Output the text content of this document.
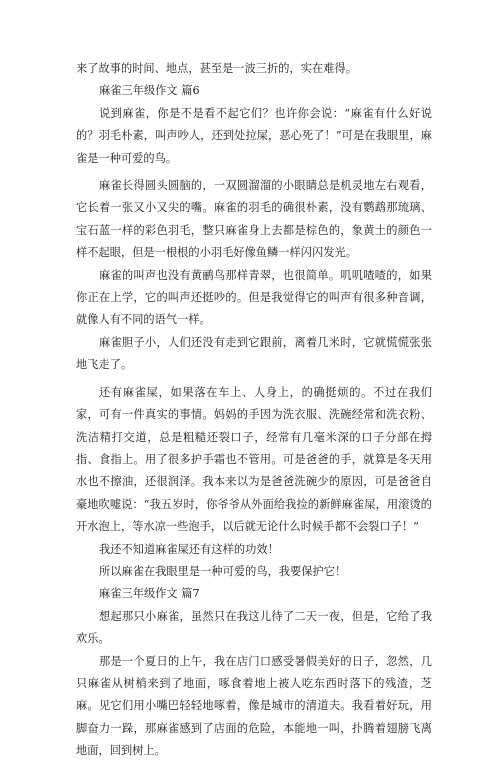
来了故事的时间、地点，甚至是一波三折的，实在难得。

麻雀三年级作文 篇6

说到麻雀，你是不是看不起它们？也许你会说：“麻雀有什么好说的？羽毛朴素，叫声吵人，还到处拉屎，恶心死了！”可是在我眼里，麻雀是一种可爱的鸟。

麻雀长得圆头圆脑的，一双圆溜溜的小眼睛总是机灵地左右观看，它长着一张又小又尖的嘴。麻雀的羽毛的确很朴素，没有鹦鹉那琉璃、宝石蓝一样的彩色羽毛，整只麻雀身上去都是棕色的，象黄土的颜色一样不起眼，但是一根根的小羽毛好像鱼鳞一样闪闪发光。

麻雀的叫声也没有黄鹂鸟那样青翠，也很简单。叽叽喳喳的，如果你正在上学，它的叫声还挺吵的。但是我觉得它的叫声有很多种音调，就像人有不同的语气一样。

麻雀胆子小，人们还没有走到它跟前，离着几米时，它就慌慌张张地飞走了。

还有麻雀屎，如果落在车上、人身上，的确挺烦的。不过在我们家，可有一件真实的事情。妈妈的手因为洗衣服、洗碗经常和洗衣粉、洗洁精打交道，总是粗糙还裂口子，经常有几毫米深的口子分部在拇指、食指上。用了很多护手霜也不管用。可是爸爸的手，就算是冬天用水也不擦油，还很润泽。我本来以为是爸爸洗碗少的原因，可是爸爸自豪地吹嘘说：“我五岁时，你爷爷从外面给我捡的新鲜麻雀屎，用滚烫的开水泡上，等水凉一些泡手，以后就无论什么时候手都不会裂口子！”

我还不知道麻雀屎还有这样的功效！

所以麻雀在我眼里是一种可爱的鸟，我要保护它！

麻雀三年级作文 篇7

想起那只小麻雀，虽然只在我这儿待了二天一夜，但是，它给了我欢乐。

那是一个夏日的上午，我在店门口感受暑假美好的日子，忽然，几只麻雀从树梢来到了地面，啄食着地上被人吃东西时落下的残渣，芝麻。见它们用小嘴巴轻轻地啄着，像是城市的清道夫。我看着好玩，用脚奋力一跺，那麻雀感到了店面的危险，本能地一叫，扑腾着翅膀飞离地面，回到树上。
